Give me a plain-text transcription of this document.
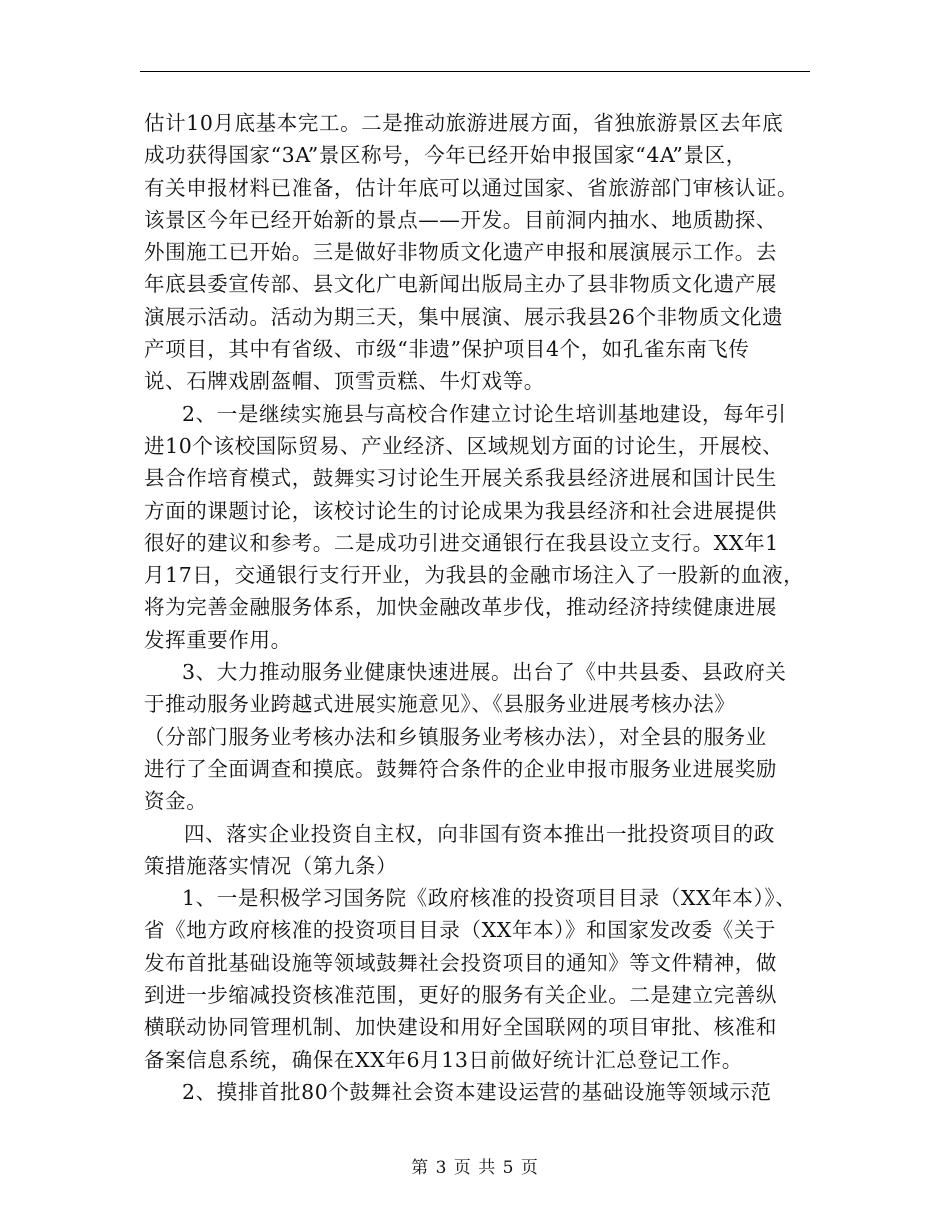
估计10月底基本完工。二是推动旅游进展方面，省独旅游景区去年底
成功获得国家“3A”景区称号，今年已经开始申报国家“4A”景区，
有关申报材料已准备，估计年底可以通过国家、省旅游部门审核认证。
该景区今年已经开始新的景点——开发。目前洞内抽水、地质勘探、
外围施工已开始。三是做好非物质文化遗产申报和展演展示工作。去
年底县委宣传部、县文化广电新闻出版局主办了县非物质文化遗产展
演展示活动。活动为期三天，集中展演、展示我县26个非物质文化遗
产项目，其中有省级、市级“非遗”保护项目4个，如孔雀东南飞传
说、石牌戏剧盔帽、顶雪贡糕、牛灯戏等。
2、一是继续实施县与高校合作建立讨论生培训基地建设，每年引
进10个该校国际贸易、产业经济、区域规划方面的讨论生，开展校、
县合作培育模式，鼓舞实习讨论生开展关系我县经济进展和国计民生
方面的课题讨论，该校讨论生的讨论成果为我县经济和社会进展提供
很好的建议和参考。二是成功引进交通银行在我县设立支行。XX年1
月17日，交通银行支行开业，为我县的金融市场注入了一股新的血液，
将为完善金融服务体系，加快金融改革步伐，推动经济持续健康进展
发挥重要作用。
3、大力推动服务业健康快速进展。出台了《中共县委、县政府关
于推动服务业跨越式进展实施意见》、《县服务业进展考核办法》
（分部门服务业考核办法和乡镇服务业考核办法），对全县的服务业
进行了全面调查和摸底。鼓舞符合条件的企业申报市服务业进展奖励
资金。
四、落实企业投资自主权，向非国有资本推出一批投资项目的政
策措施落实情况（第九条）
1、一是积极学习国务院《政府核准的投资项目目录（XX年本）》、
省《地方政府核准的投资项目目录（XX年本）》和国家发改委《关于
发布首批基础设施等领域鼓舞社会投资项目的通知》等文件精神，做
到进一步缩减投资核准范围，更好的服务有关企业。二是建立完善纵
横联动协同管理机制、加快建设和用好全国联网的项目审批、核准和
备案信息系统，确保在XX年6月13日前做好统计汇总登记工作。
2、摸排首批80个鼓舞社会资本建设运营的基础设施等领域示范
第 3 页 共 5 页
